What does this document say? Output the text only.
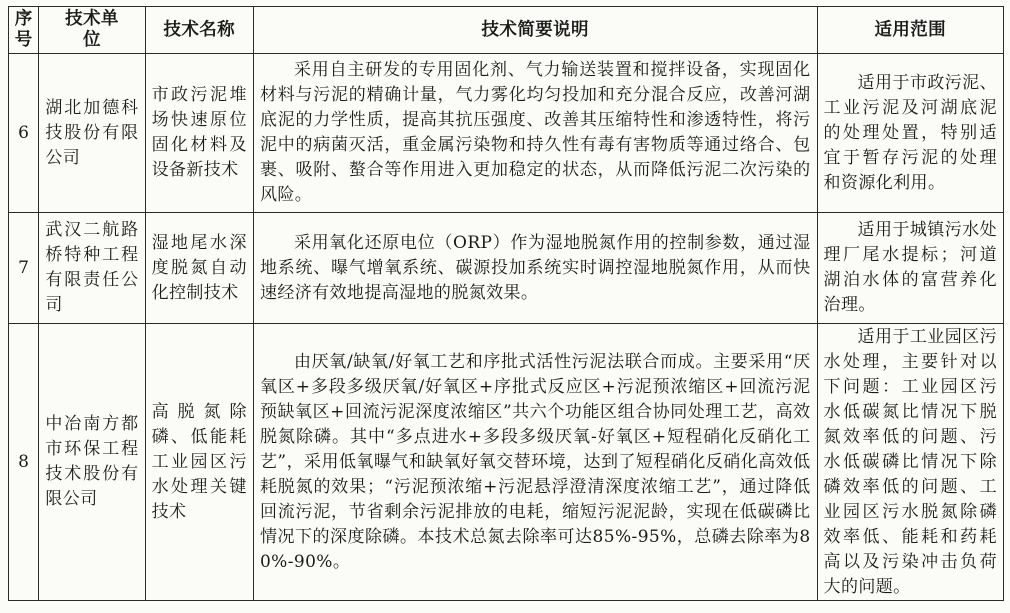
序号	技术单位	技术名称	技术简要说明	适用范围
6	湖北加德科技股份有限公司	市政污泥堆场快速原位固化材料及设备新技术	采用自主研发的专用固化剂、气力输送装置和搅拌设备，实现固化材料与污泥的精确计量，气力雾化均匀投加和充分混合反应，改善河湖底泥的力学性质，提高其抗压强度、改善其压缩特性和渗透特性，将污泥中的病菌灭活，重金属污染物和持久性有毒有害物质等通过络合、包裹、吸附、螯合等作用进入更加稳定的状态，从而降低污泥二次污染的风险。	适用于市政污泥、工业污泥及河湖底泥的处理处置，特别适宜于暂存污泥的处理和资源化利用。

7	武汉二航路桥特种工程有限责任公司	湿地尾水深度脱氮自动化控制技术	采用氧化还原电位（ORP）作为湿地脱氮作用的控制参数，通过湿地系统、曝气增氧系统、碳源投加系统实时调控湿地脱氮作用，从而快速经济有效地提高湿地的脱氮效果。	适用于城镇污水处理厂尾水提标；河道湖泊水体的富营养化治理。

8	中冶南方都市环保工程技术股份有限公司	高脱氮除磷、低能耗工业园区污水处理关键技术	由厌氧/缺氧/好氧工艺和序批式活性污泥法联合而成。主要采用“厌氧区+多段多级厌氧/好氧区+序批式反应区+污泥预浓缩区+回流污泥预缺氧区+回流污泥深度浓缩区”共六个功能区组合协同处理工艺，高效脱氮除磷。其中“多点进水+多段多级厌氧-好氧区+短程硝化反硝化工艺”，采用低氧曝气和缺氧好氧交替环境，达到了短程硝化反硝化高效低耗脱氮的效果；“污泥预浓缩+污泥悬浮澄清深度浓缩工艺”，通过降低回流污泥，节省剩余污泥排放的电耗，缩短污泥泥龄，实现在低碳磷比情况下的深度除磷。本技术总氮去除率可达85%-95%，总磷去除率为80%-90%。	适用于工业园区污水处理，主要针对以下问题：工业园区污水低碳氮比情况下脱氮效率低的问题、污水低碳磷比情况下除磷效率低的问题、工业园区污水脱氮除磷效率低、能耗和药耗高以及污染冲击负荷大的问题。
